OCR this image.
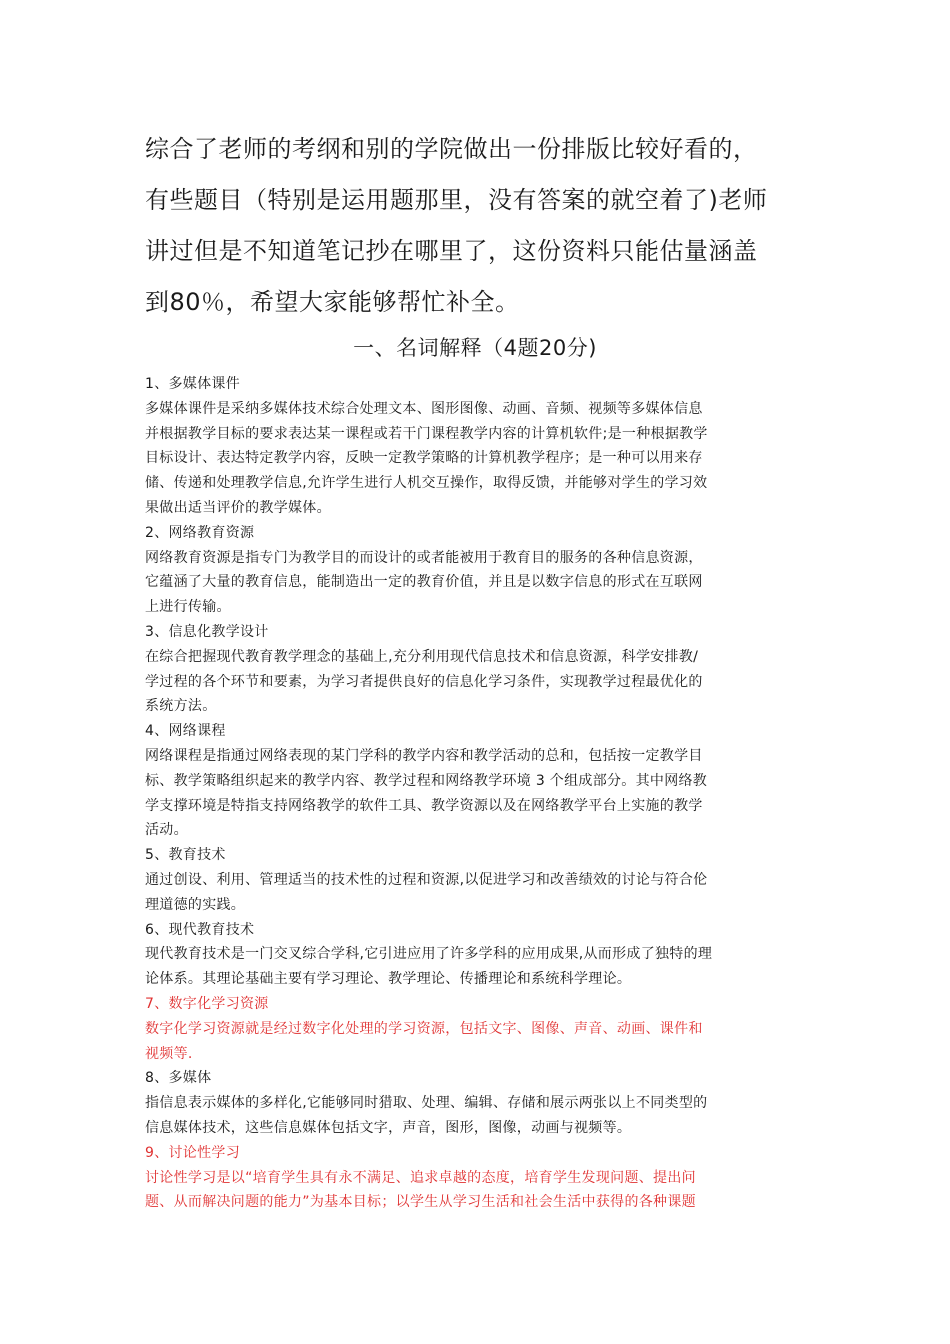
综合了老师的考纲和别的学院做出一份排版比较好看的，
有些题目（特别是运用题那里，没有答案的就空着了)老师
讲过但是不知道笔记抄在哪里了，这份资料只能估量涵盖
到80％，希望大家能够帮忙补全。
一、名词解释（4题20分)
1、多媒体课件
多媒体课件是采纳多媒体技术综合处理文本、图形图像、动画、音频、视频等多媒体信息
并根据教学目标的要求表达某一课程或若干门课程教学内容的计算机软件;是一种根据教学
目标设计、表达特定教学内容，反映一定教学策略的计算机教学程序；是一种可以用来存
储、传递和处理教学信息,允许学生进行人机交互操作，取得反馈，并能够对学生的学习效
果做出适当评价的教学媒体。
2、网络教育资源
网络教育资源是指专门为教学目的而设计的或者能被用于教育目的服务的各种信息资源，
它蕴涵了大量的教育信息，能制造出一定的教育价值，并且是以数字信息的形式在互联网
上进行传输。
3、信息化教学设计
在综合把握现代教育教学理念的基础上,充分利用现代信息技术和信息资源，科学安排教/
学过程的各个环节和要素，为学习者提供良好的信息化学习条件，实现教学过程最优化的
系统方法。
4、网络课程
网络课程是指通过网络表现的某门学科的教学内容和教学活动的总和，包括按一定教学目
标、教学策略组织起来的教学内容、教学过程和网络教学环境 3 个组成部分。其中网络教
学支撑环境是特指支持网络教学的软件工具、教学资源以及在网络教学平台上实施的教学
活动。
5、教育技术
通过创设、利用、管理适当的技术性的过程和资源,以促进学习和改善绩效的讨论与符合伦
理道德的实践。
6、现代教育技术
现代教育技术是一门交叉综合学科,它引进应用了许多学科的应用成果,从而形成了独特的理
论体系。其理论基础主要有学习理论、教学理论、传播理论和系统科学理论。
7、数字化学习资源
数字化学习资源就是经过数字化处理的学习资源，包括文字、图像、声音、动画、课件和
视频等.
8、多媒体
指信息表示媒体的多样化,它能够同时猎取、处理、编辑、存储和展示两张以上不同类型的
信息媒体技术，这些信息媒体包括文字，声音，图形，图像，动画与视频等。
9、讨论性学习
讨论性学习是以“培育学生具有永不满足、追求卓越的态度，培育学生发现问题、提出问
题、从而解决问题的能力”为基本目标；以学生从学习生活和社会生活中获得的各种课题
